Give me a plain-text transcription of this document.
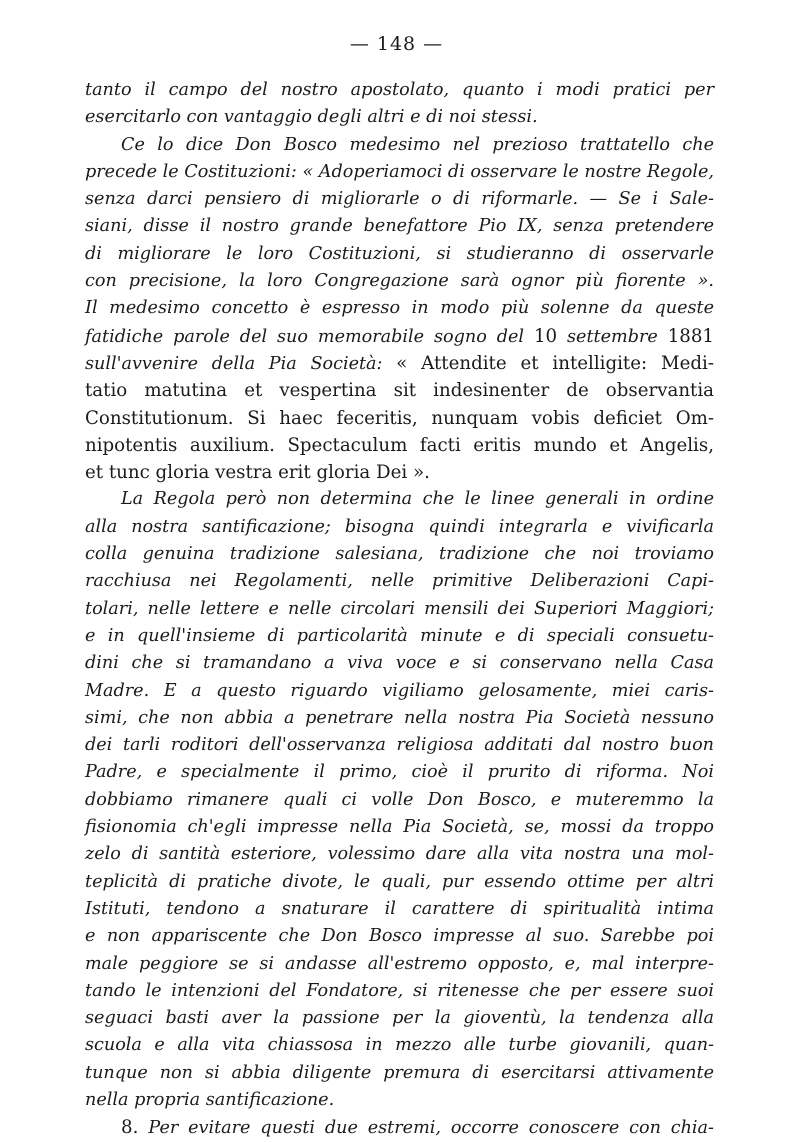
— 148 —
tanto il campo del nostro apostolato, quanto i modi pratici per
esercitarlo con vantaggio degli altri e di noi stessi.
Ce lo dice Don Bosco medesimo nel prezioso trattatello che
precede le Costituzioni: « Adoperiamoci di osservare le nostre Regole,
senza darci pensiero di migliorarle o di riformarle. — Se i Sale-
siani, disse il nostro grande benefattore Pio IX, senza pretendere
di migliorare le loro Costituzioni, si studieranno di osservarle
con precisione, la loro Congregazione sarà ognor più fiorente ».
Il medesimo concetto è espresso in modo più solenne da queste
fatidiche parole del suo memorabile sogno del 10 settembre 1881
sull'avvenire della Pia Società: « Attendite et intelligite: Medi-
tatio matutina et vespertina sit indesinenter de observantia
Constitutionum. Si haec feceritis, nunquam vobis deficiet Om-
nipotentis auxilium. Spectaculum facti eritis mundo et Angelis,
et tunc gloria vestra erit gloria Dei ».
La Regola però non determina che le linee generali in ordine
alla nostra santificazione; bisogna quindi integrarla e vivificarla
colla genuina tradizione salesiana, tradizione che noi troviamo
racchiusa nei Regolamenti, nelle primitive Deliberazioni Capi-
tolari, nelle lettere e nelle circolari mensili dei Superiori Maggiori;
e in quell'insieme di particolarità minute e di speciali consuetu-
dini che si tramandano a viva voce e si conservano nella Casa
Madre. E a questo riguardo vigiliamo gelosamente, miei caris-
simi, che non abbia a penetrare nella nostra Pia Società nessuno
dei tarli roditori dell'osservanza religiosa additati dal nostro buon
Padre, e specialmente il primo, cioè il prurito di riforma. Noi
dobbiamo rimanere quali ci volle Don Bosco, e muteremmo la
fisionomia ch'egli impresse nella Pia Società, se, mossi da troppo
zelo di santità esteriore, volessimo dare alla vita nostra una mol-
teplicità di pratiche divote, le quali, pur essendo ottime per altri
Istituti, tendono a snaturare il carattere di spiritualità intima
e non appariscente che Don Bosco impresse al suo. Sarebbe poi
male peggiore se si andasse all'estremo opposto, e, mal interpre-
tando le intenzioni del Fondatore, si ritenesse che per essere suoi
seguaci basti aver la passione per la gioventù, la tendenza alla
scuola e alla vita chiassosa in mezzo alle turbe giovanili, quan-
tunque non si abbia diligente premura di esercitarsi attivamente
nella propria santificazione.
8. Per evitare questi due estremi, occorre conoscere con chia-
